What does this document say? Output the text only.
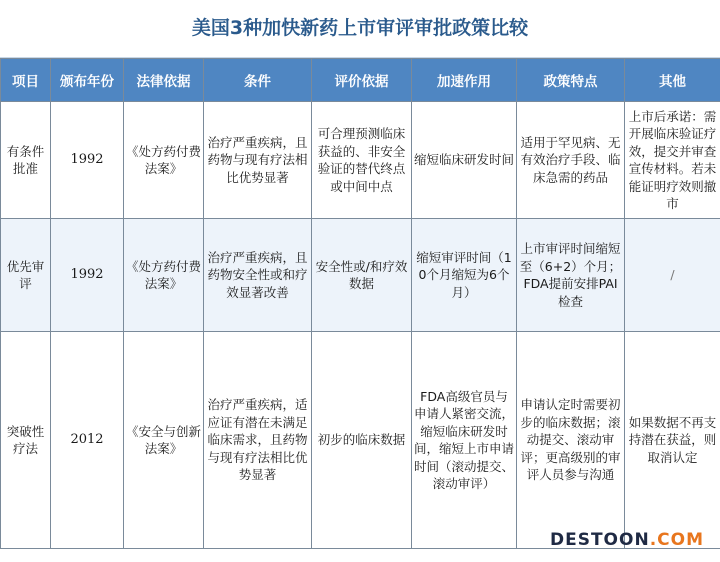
美国3种加快新药上市审评审批政策比较
项目	颁布年份	法律依据	条件	评价依据	加速作用	政策特点	其他
有条件批准	1992	《处方药付费法案》	治疗严重疾病，且药物与现有疗法相比优势显著	可合理预测临床获益的、非安全验证的替代终点或中间中点	缩短临床研发时间	适用于罕见病、无有效治疗手段、临床急需的药品	上市后承诺：需开展临床验证疗效，提交并审查宣传材料。若未能证明疗效则撤市
优先审评	1992	《处方药付费法案》	治疗严重疾病，且药物安全性或和疗效显著改善	安全性或/和疗效数据	缩短审评时间（10个月缩短为6个月）	上市审评时间缩短至（6+2）个月；FDA提前安排PAI检查	/
突破性疗法	2012	《安全与创新法案》	治疗严重疾病，适应证有潜在未满足临床需求，且药物与现有疗法相比优势显著	初步的临床数据	FDA高级官员与申请人紧密交流，缩短临床研发时间，缩短上市申请时间（滚动提交、滚动审评）	申请认定时需要初步的临床数据；滚动提交、滚动审评；更高级别的审评人员参与沟通	如果数据不再支持潜在获益，则取消认定
DESTOON.COM
